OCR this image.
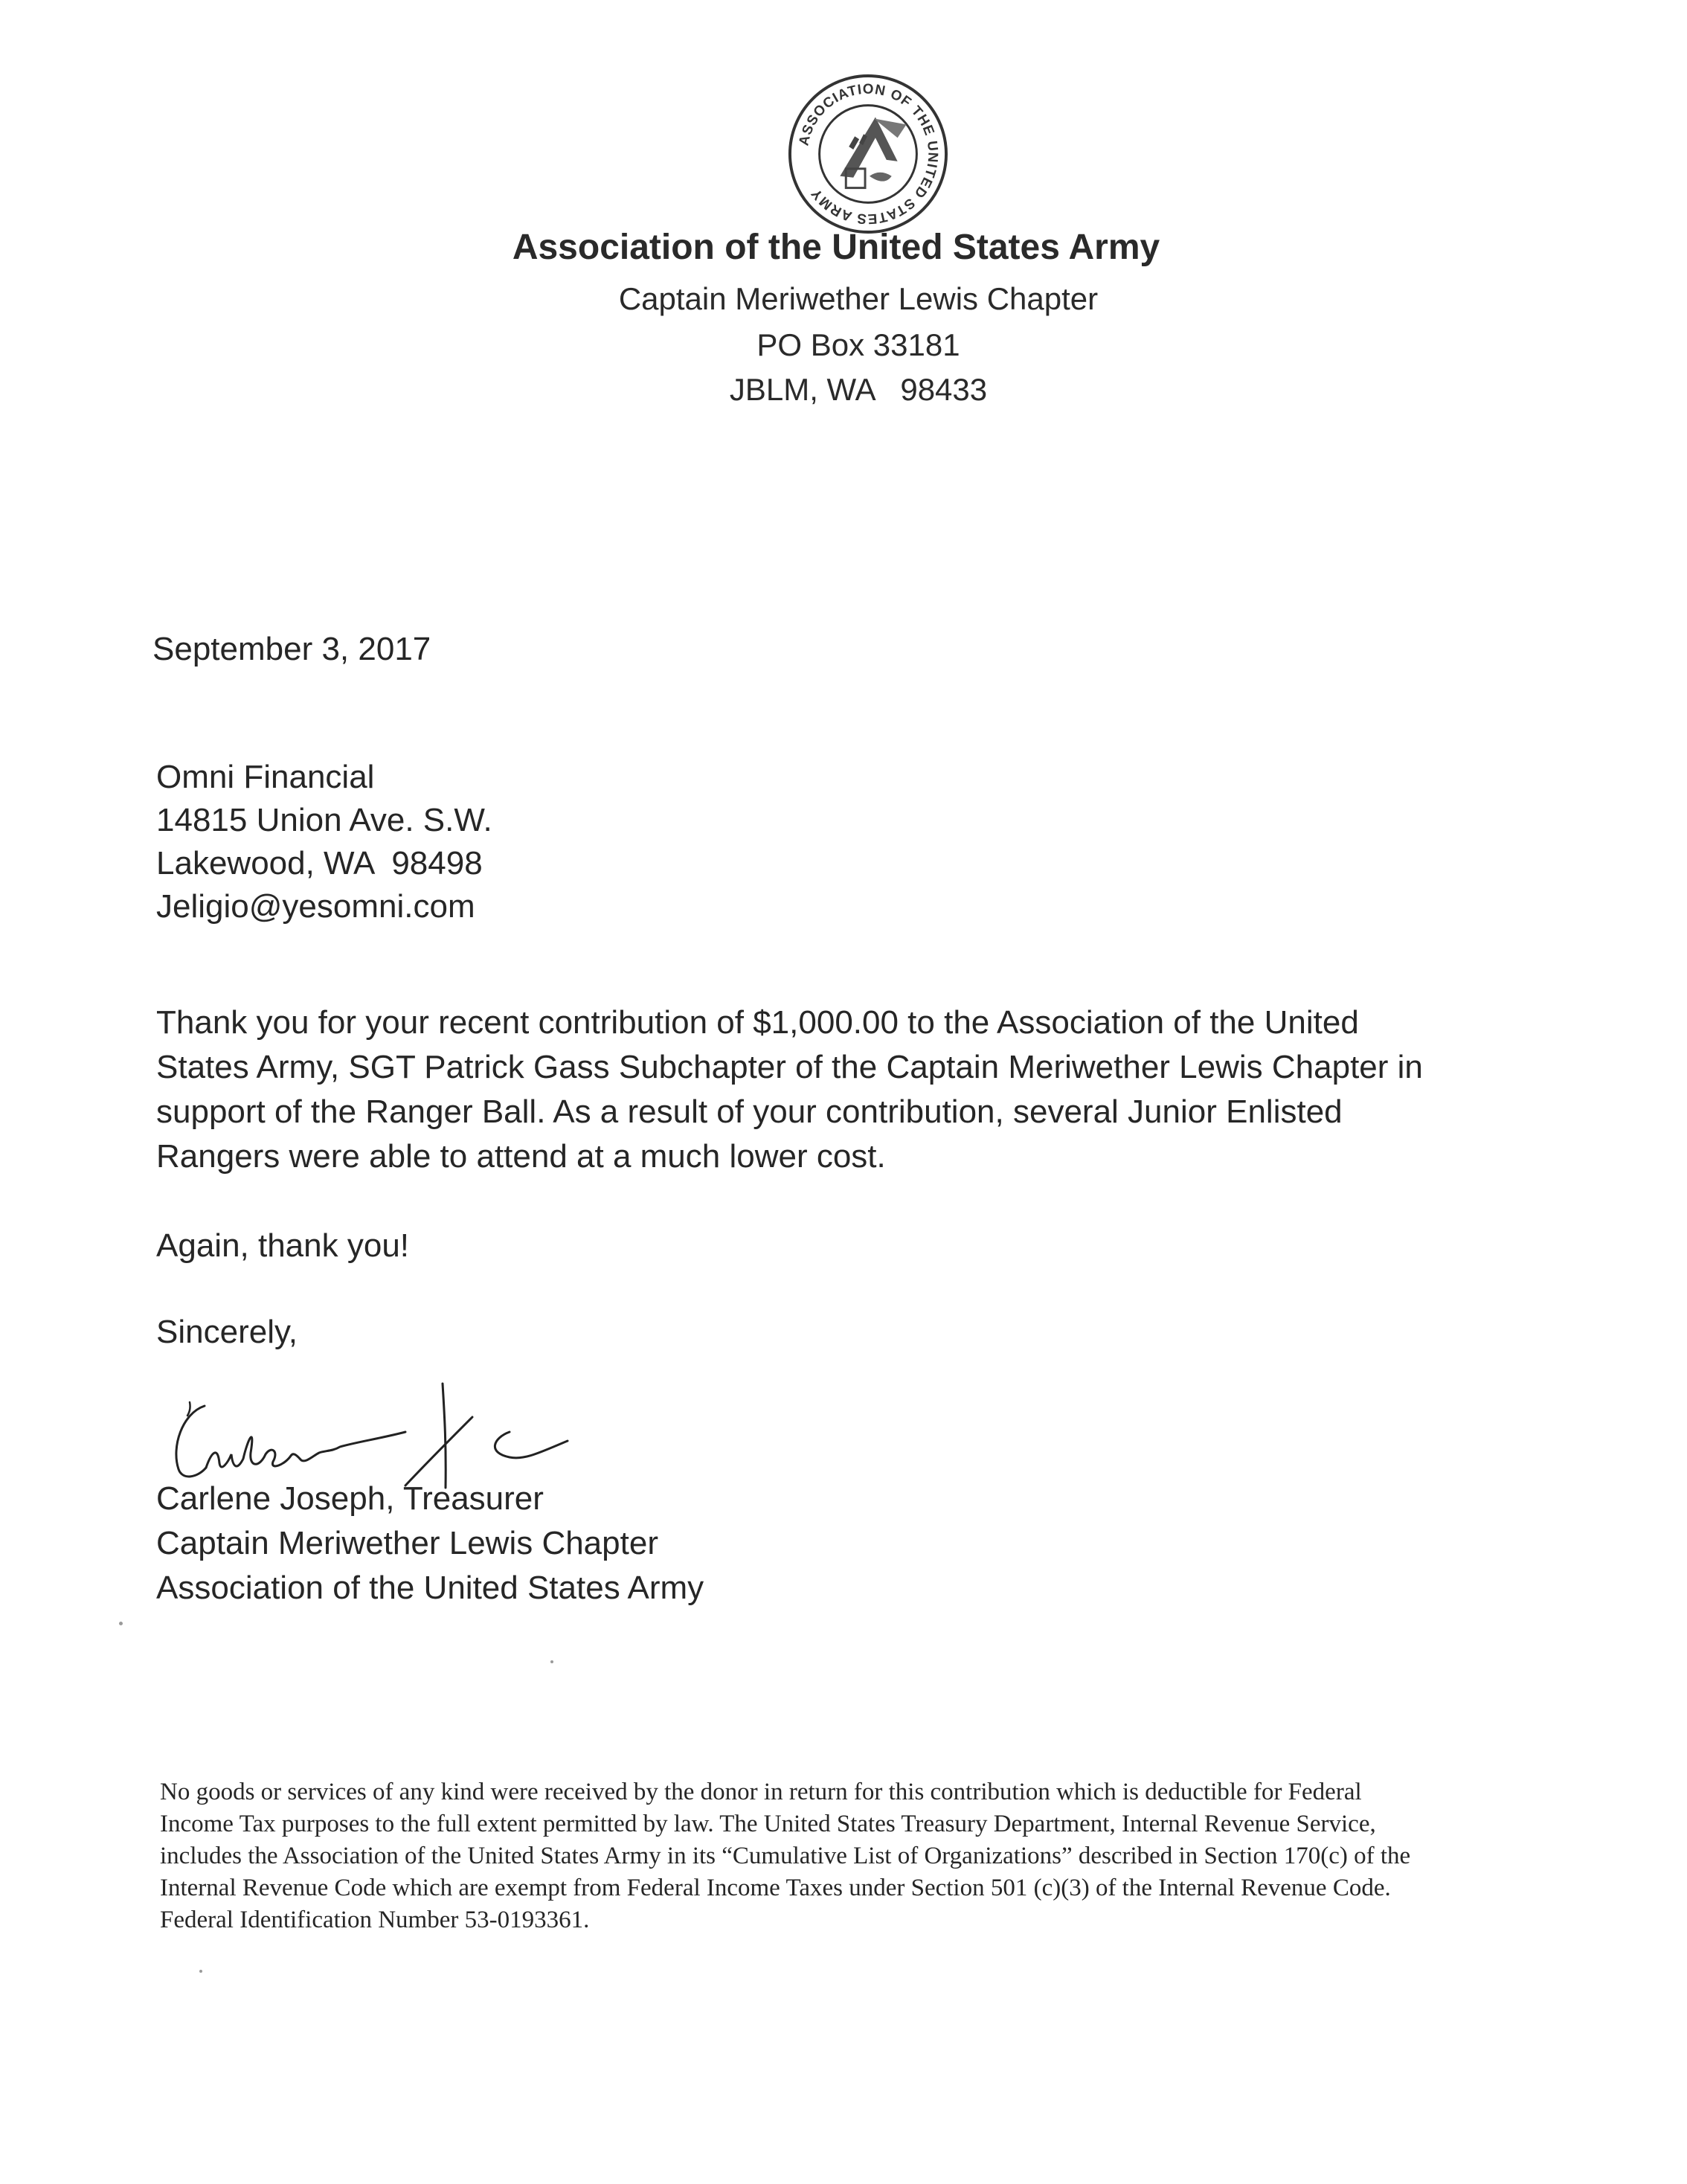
ASSOCIATION OF THE UNITED STATES ARMY
Association of the United States Army
Captain Meriwether Lewis Chapter
PO Box 33181
JBLM, WA   98433
September 3, 2017
Omni Financial
14815 Union Ave. S.W.
Lakewood, WA  98498
Jeligio@yesomni.com
Thank you for your recent contribution of $1,000.00 to the Association of the United
States Army, SGT Patrick Gass Subchapter of the Captain Meriwether Lewis Chapter in
support of the Ranger Ball. As a result of your contribution, several Junior Enlisted
Rangers were able to attend at a much lower cost.
Again, thank you!
Sincerely,
Carlene Joseph, Treasurer
Captain Meriwether Lewis Chapter
Association of the United States Army
No goods or services of any kind were received by the donor in return for this contribution which is deductible for Federal
Income Tax purposes to the full extent permitted by law. The United States Treasury Department, Internal Revenue Service,
includes the Association of the United States Army in its “Cumulative List of Organizations” described in Section 170(c) of the
Internal Revenue Code which are exempt from Federal Income Taxes under Section 501 (c)(3) of the Internal Revenue Code.
Federal Identification Number 53-0193361.
